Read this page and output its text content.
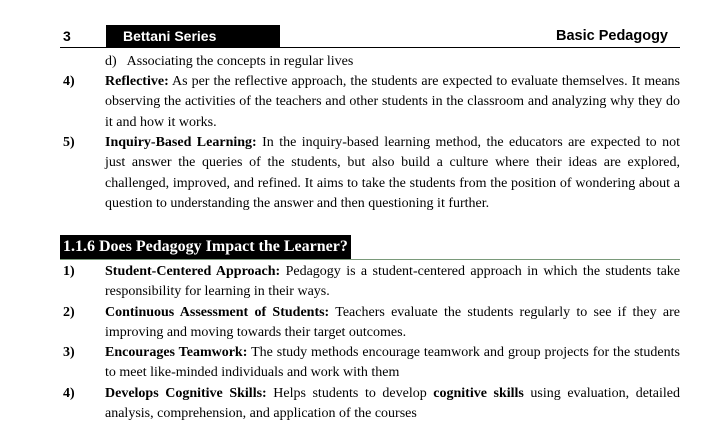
3	Bettani Series	Basic Pedagogy
d) Associating the concepts in regular lives
4) Reflective: As per the reflective approach, the students are expected to evaluate themselves. It means observing the activities of the teachers and other students in the classroom and analyzing why they do it and how it works.
5) Inquiry-Based Learning: In the inquiry-based learning method, the educators are expected to not just answer the queries of the students, but also build a culture where their ideas are explored, challenged, improved, and refined. It aims to take the students from the position of wondering about a question to understanding the answer and then questioning it further.
1.1.6 Does Pedagogy Impact the Learner?
1) Student-Centered Approach: Pedagogy is a student-centered approach in which the students take responsibility for learning in their ways.
2) Continuous Assessment of Students: Teachers evaluate the students regularly to see if they are improving and moving towards their target outcomes.
3) Encourages Teamwork: The study methods encourage teamwork and group projects for the students to meet like-minded individuals and work with them
4) Develops Cognitive Skills: Helps students to develop cognitive skills using evaluation, detailed analysis, comprehension, and application of the courses
